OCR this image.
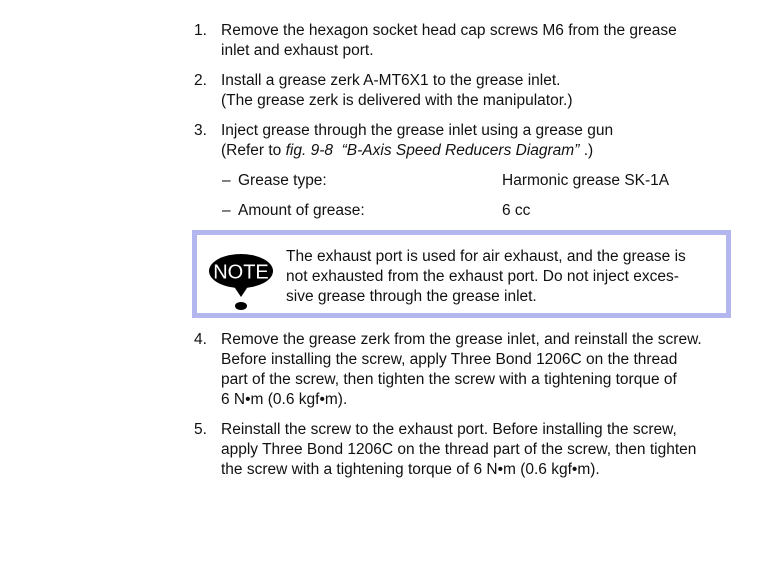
1. Remove the hexagon socket head cap screws M6 from the grease
inlet and exhaust port.
2. Install a grease zerk A-MT6X1 to the grease inlet.
(The grease zerk is delivered with the manipulator.)
3. Inject grease through the grease inlet using a grease gun
(Refer to fig. 9-8 “B-Axis Speed Reducers Diagram” .)
– Grease type:	Harmonic grease SK-1A
– Amount of grease:	6 cc
NOTE
The exhaust port is used for air exhaust, and the grease is
not exhausted from the exhaust port. Do not inject exces-
sive grease through the grease inlet.
4. Remove the grease zerk from the grease inlet, and reinstall the screw.
Before installing the screw, apply Three Bond 1206C on the thread
part of the screw, then tighten the screw with a tightening torque of
6 N•m (0.6 kgf•m).
5. Reinstall the screw to the exhaust port. Before installing the screw,
apply Three Bond 1206C on the thread part of the screw, then tighten
the screw with a tightening torque of 6 N•m (0.6 kgf•m).
